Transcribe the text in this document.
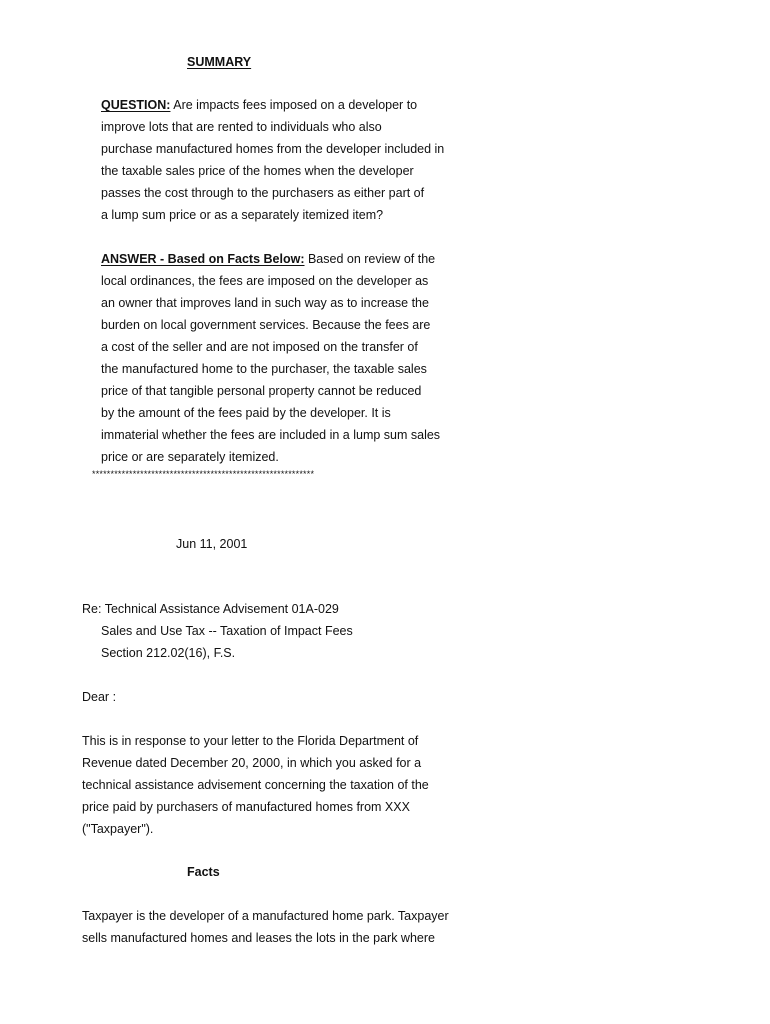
SUMMARY
QUESTION: Are impacts fees imposed on a developer to
improve lots that are rented to individuals who also
purchase manufactured homes from the developer included in
the taxable sales price of the homes when the developer
passes the cost through to the purchasers as either part of
a lump sum price or as a separately itemized item?
ANSWER - Based on Facts Below: Based on review of the
local ordinances, the fees are imposed on the developer as
an owner that improves land in such way as to increase the
burden on local government services. Because the fees are
a cost of the seller and are not imposed on the transfer of
the manufactured home to the purchaser, the taxable sales
price of that tangible personal property cannot be reduced
by the amount of the fees paid by the developer. It is
immaterial whether the fees are included in a lump sum sales
price or are separately itemized.
************************************************************
Jun 11, 2001
Re: Technical Assistance Advisement 01A-029
Sales and Use Tax -- Taxation of Impact Fees
Section 212.02(16), F.S.
Dear :
This is in response to your letter to the Florida Department of
Revenue dated December 20, 2000, in which you asked for a
technical assistance advisement concerning the taxation of the
price paid by purchasers of manufactured homes from XXX
("Taxpayer").
Facts
Taxpayer is the developer of a manufactured home park. Taxpayer
sells manufactured homes and leases the lots in the park where
